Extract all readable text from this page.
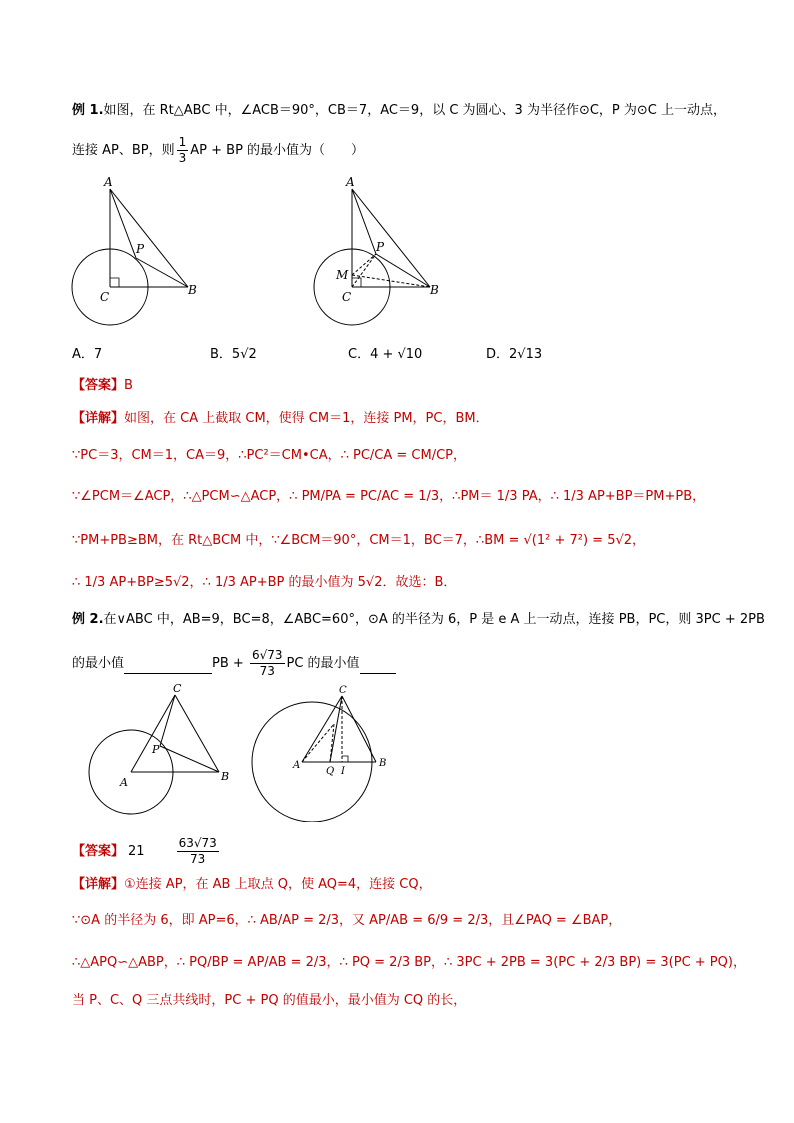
例 1.如图，在 Rt△ABC 中，∠ACB＝90°，CB＝7，AC＝9，以 C 为圆心、3 为半径作⊙C，P 为⊙C 上一动点，
连接 AP、BP，则 $\frac{1}{3}$ AP + BP 的最小值为（　　）
A
P
C	B
A
P
M
C	B
A．7	B．5√2	C．4 + √10	D．2√13
【答案】B
【详解】如图，在 CA 上截取 CM，使得 CM＝1，连接 PM，PC，BM．
∵PC＝3，CM＝1，CA＝9，∴PC²＝CM•CA，∴ PC/CA = CM/CP，
∵∠PCM＝∠ACP，∴△PCM∽△ACP，∴ PM/PA = PC/AC = 1/3，∴PM＝ 1/3 PA，∴ 1/3 AP+BP＝PM+PB，
∵PM+PB≥BM，在 Rt△BCM 中，∵∠BCM＝90°，CM＝1，BC＝7，∴BM = √(1² + 7²) = 5√2，
∴ 1/3 AP+BP≥5√2，∴ 1/3 AP+BP 的最小值为 5√2．故选：B．
例 2.在∨ABC 中，AB=9，BC=8，∠ABC=60°，⊙A 的半径为 6，P 是 e A 上一动点，连接 PB，PC，则 3PC + 2PB
的最小值	PB + $\frac{6√73}{73}$ PC 的最小值
C
P
A	B
C
A
Q I
B
【答案】 21	$\frac{63√73}{73}$
【详解】①连接 AP，在 AB 上取点 Q，使 AQ=4，连接 CQ，
∵⊙A 的半径为 6，即 AP=6，∴ AB/AP = 2/3，又 AP/AB = 6/9 = 2/3，且∠PAQ = ∠BAP，
∴△APQ∽△ABP，∴ PQ/BP = AP/AB = 2/3，∴ PQ = 2/3 BP，∴ 3PC + 2PB = 3(PC + 2/3 BP) = 3(PC + PQ)，
当 P、C、Q 三点共线时，PC + PQ 的值最小，最小值为 CQ 的长，
